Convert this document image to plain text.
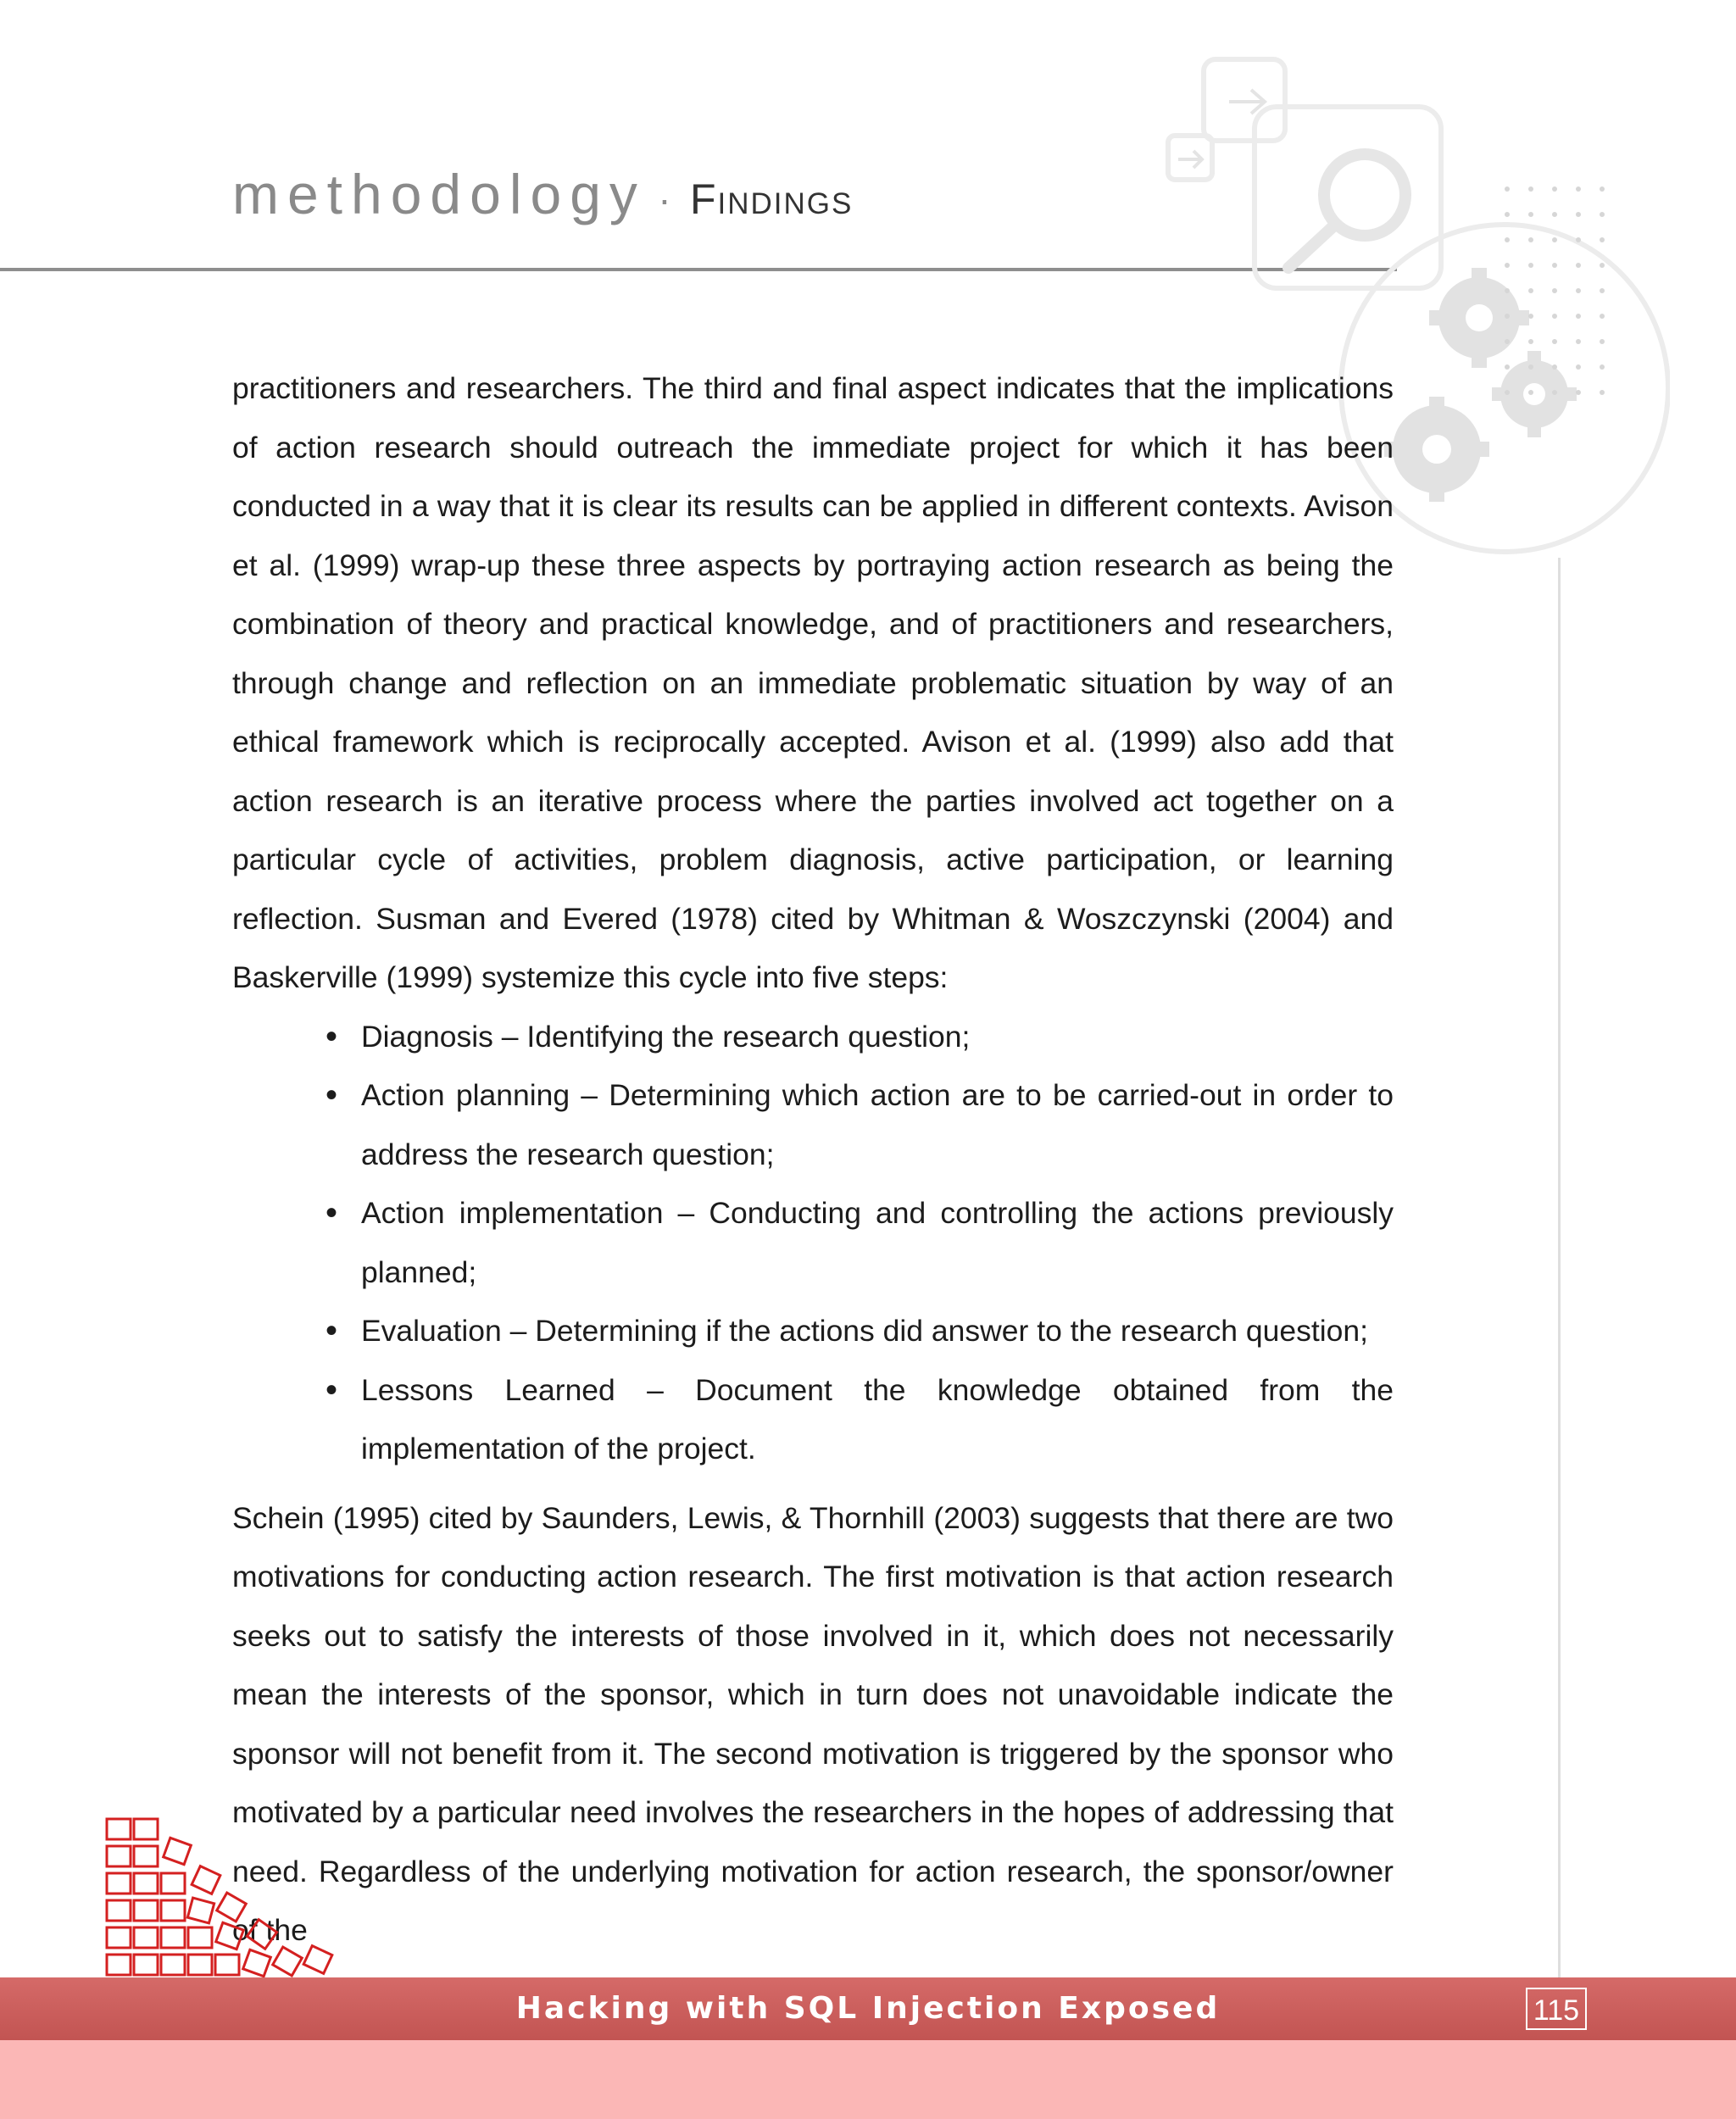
methodology · Findings

practitioners and researchers. The third and final aspect indicates that the implications of action research should outreach the immediate project for which it has been conducted in a way that it is clear its results can be applied in different contexts. Avison et al. (1999) wrap-up these three aspects by portraying action research as being the combination of theory and practical knowledge, and of practitioners and researchers, through change and reflection on an immediate problematic situation by way of an ethical framework which is reciprocally accepted. Avison et al. (1999) also add that action research is an iterative process where the parties involved act together on a particular cycle of activities, problem diagnosis, active participation, or learning reflection. Susman and Evered (1978) cited by Whitman & Woszczynski (2004) and Baskerville (1999) systemize this cycle into five steps:

• Diagnosis – Identifying the research question;
• Action planning – Determining which action are to be carried-out in order to address the research question;
• Action implementation – Conducting and controlling the actions previously planned;
• Evaluation – Determining if the actions did answer to the research question;
• Lessons Learned – Document the knowledge obtained from the implementation of the project.

Schein (1995) cited by Saunders, Lewis, & Thornhill (2003) suggests that there are two motivations for conducting action research. The first motivation is that action research seeks out to satisfy the interests of those involved in it, which does not necessarily mean the interests of the sponsor, which in turn does not unavoidable indicate the sponsor will not benefit from it. The second motivation is triggered by the sponsor who motivated by a particular need involves the researchers in the hopes of addressing that need. Regardless of the underlying motivation for action research, the sponsor/owner of the

Hacking with SQL Injection Exposed	115
